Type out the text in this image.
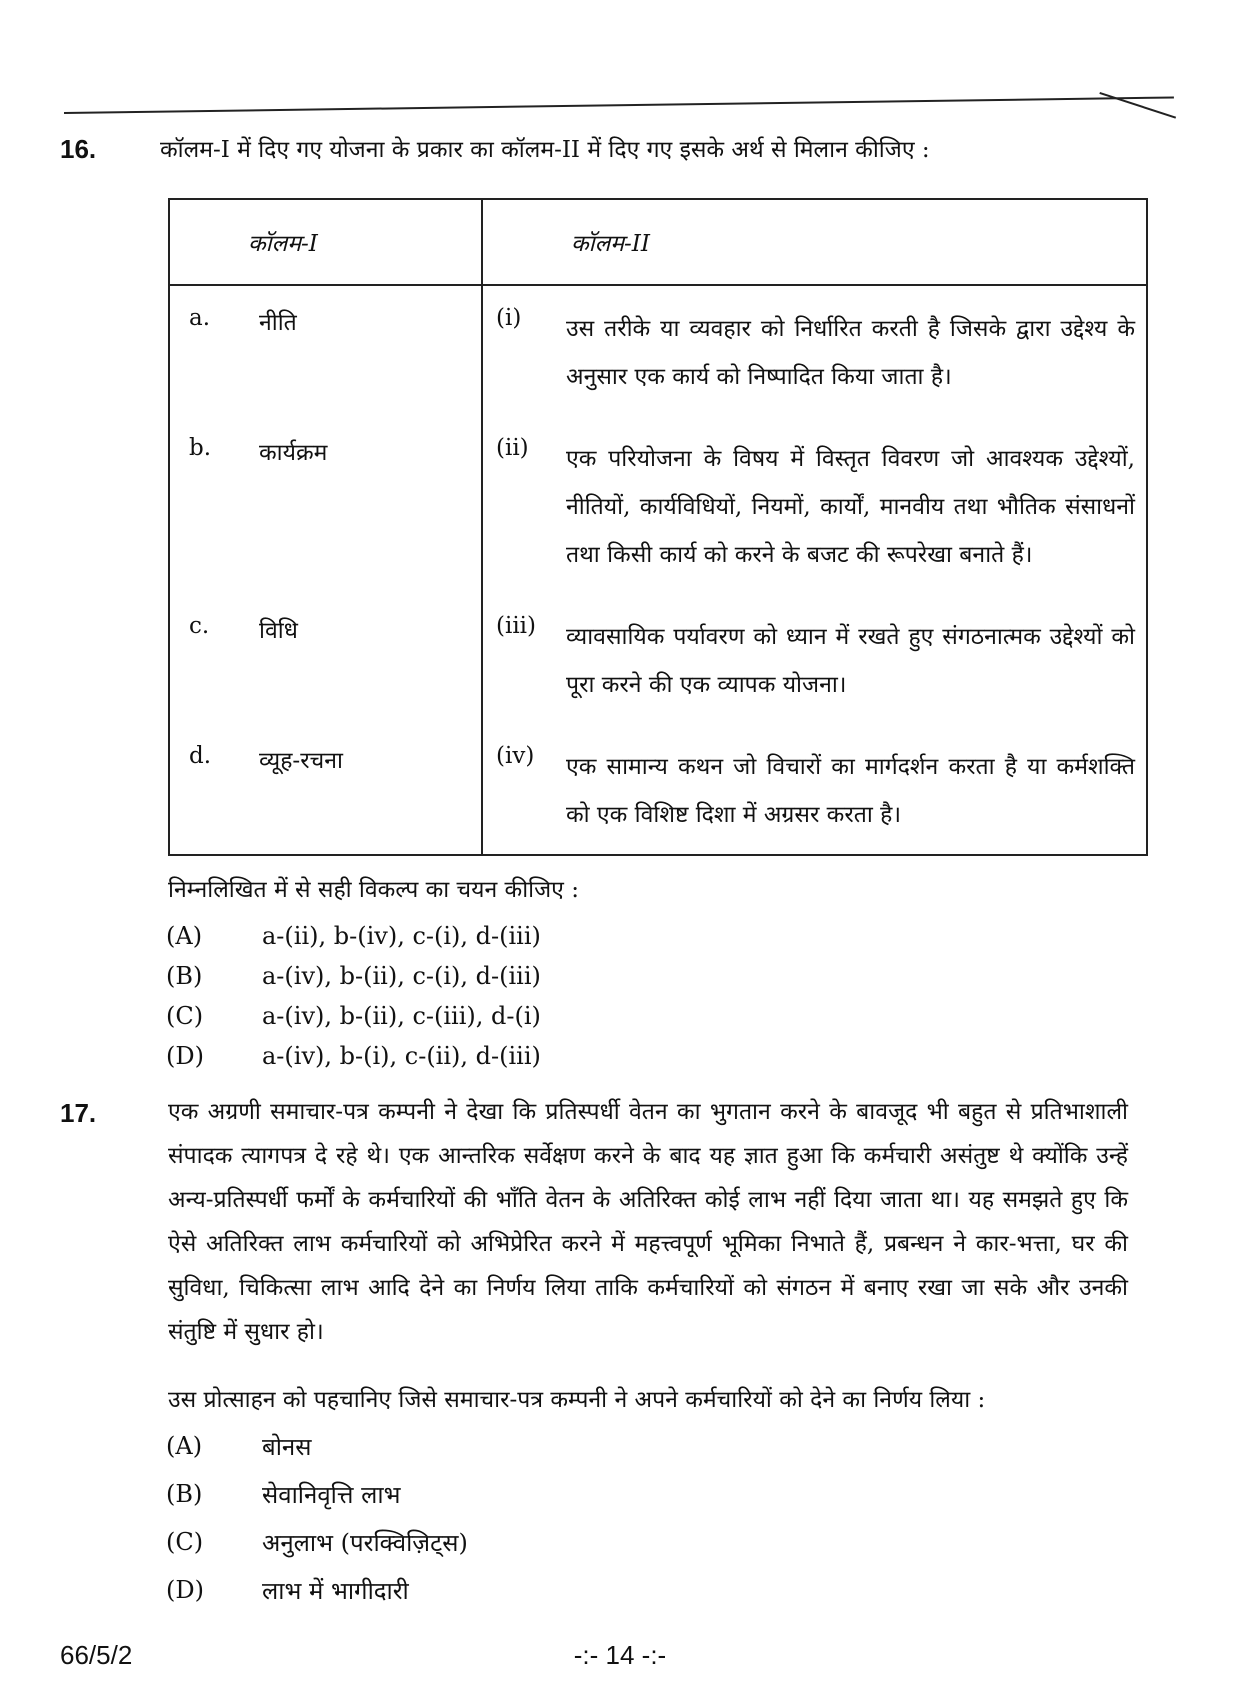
16.	कॉलम-I में दिए गए योजना के प्रकार का कॉलम-II में दिए गए इसके अर्थ से मिलान कीजिए :
कॉलम-I	कॉलम-II

a. नीति	(i) उस तरीके या व्यवहार को निर्धारित करती है जिसके द्वारा उद्देश्य के अनुसार एक कार्य को निष्पादित किया जाता है।

b. कार्यक्रम	(ii) एक परियोजना के विषय में विस्तृत विवरण जो आवश्यक उद्देश्यों, नीतियों, कार्यविधियों, नियमों, कार्यों, मानवीय तथा भौतिक संसाधनों तथा किसी कार्य को करने के बजट की रूपरेखा बनाते हैं।

c. विधि	(iii) व्यावसायिक पर्यावरण को ध्यान में रखते हुए संगठनात्मक उद्देश्यों को पूरा करने की एक व्यापक योजना।

d. व्यूह-रचना	(iv) एक सामान्य कथन जो विचारों का मार्गदर्शन करता है या कर्मशक्ति को एक विशिष्ट दिशा में अग्रसर करता है।
निम्नलिखित में से सही विकल्प का चयन कीजिए :
(A)	a-(ii), b-(iv), c-(i), d-(iii)
(B)	a-(iv), b-(ii), c-(i), d-(iii)
(C)	a-(iv), b-(ii), c-(iii), d-(i)
(D)	a-(iv), b-(i), c-(ii), d-(iii)
17.	एक अग्रणी समाचार-पत्र कम्पनी ने देखा कि प्रतिस्पर्धी वेतन का भुगतान करने के बावजूद भी बहुत से प्रतिभाशाली संपादक त्यागपत्र दे रहे थे। एक आन्तरिक सर्वेक्षण करने के बाद यह ज्ञात हुआ कि कर्मचारी असंतुष्ट थे क्योंकि उन्हें अन्य-प्रतिस्पर्धी फर्मों के कर्मचारियों की भाँति वेतन के अतिरिक्त कोई लाभ नहीं दिया जाता था। यह समझते हुए कि ऐसे अतिरिक्त लाभ कर्मचारियों को अभिप्रेरित करने में महत्त्वपूर्ण भूमिका निभाते हैं, प्रबन्धन ने कार-भत्ता, घर की सुविधा, चिकित्सा लाभ आदि देने का निर्णय लिया ताकि कर्मचारियों को संगठन में बनाए रखा जा सके और उनकी संतुष्टि में सुधार हो।
उस प्रोत्साहन को पहचानिए जिसे समाचार-पत्र कम्पनी ने अपने कर्मचारियों को देने का निर्णय लिया :
(A)	बोनस
(B)	सेवानिवृत्ति लाभ
(C)	अनुलाभ (परक्विज़िट्स)
(D)	लाभ में भागीदारी
66/5/2	-:- 14 -:-
